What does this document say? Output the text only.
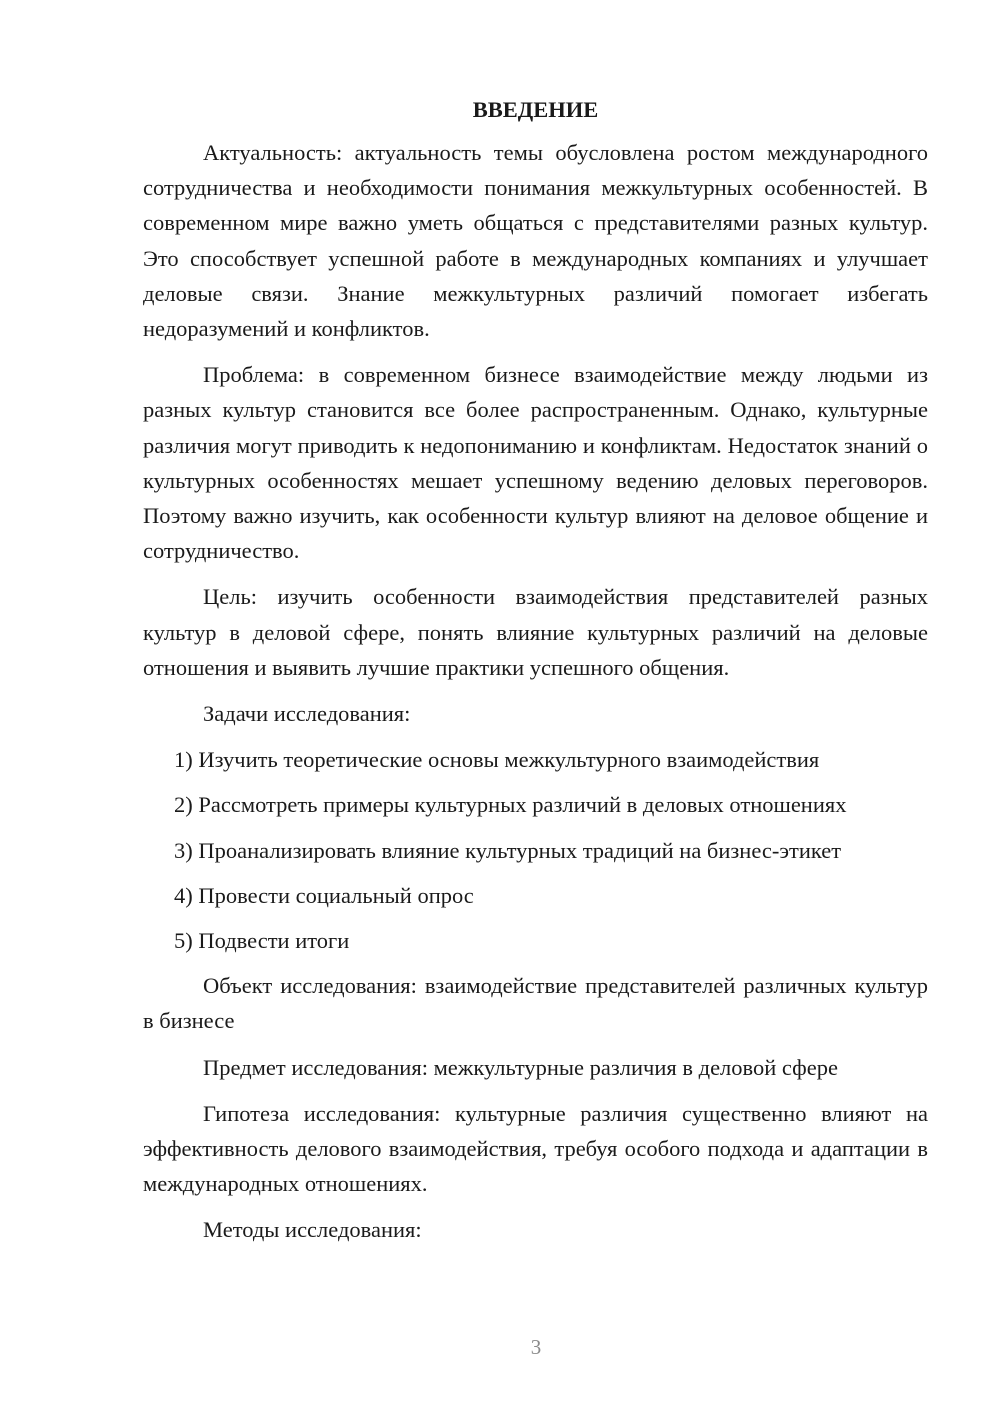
ВВЕДЕНИЕ

Актуальность: актуальность темы обусловлена ростом международного сотрудничества и необходимости понимания межкультурных особенностей. В современном мире важно уметь общаться с представителями разных культур. Это способствует успешной работе в международных компаниях и улучшает деловые связи. Знание межкультурных различий помогает избегать недоразумений и конфликтов.

Проблема: в современном бизнесе взаимодействие между людьми из разных культур становится все более распространенным. Однако, культурные различия могут приводить к недопониманию и конфликтам. Недостаток знаний о культурных особенностях мешает успешному ведению деловых переговоров. Поэтому важно изучить, как особенности культур влияют на деловое общение и сотрудничество.

Цель: изучить особенности взаимодействия представителей разных культур в деловой сфере, понять влияние культурных различий на деловые отношения и выявить лучшие практики успешного общения.

Задачи исследования:

1) Изучить теоретические основы межкультурного взаимодействия
2) Рассмотреть примеры культурных различий в деловых отношениях
3) Проанализировать влияние культурных традиций на бизнес-этикет
4) Провести социальный опрос
5) Подвести итоги

Объект исследования: взаимодействие представителей различных культур в бизнесе

Предмет исследования: межкультурные различия в деловой сфере

Гипотеза исследования: культурные различия существенно влияют на эффективность делового взаимодействия, требуя особого подхода и адаптации в международных отношениях.

Методы исследования:

3
